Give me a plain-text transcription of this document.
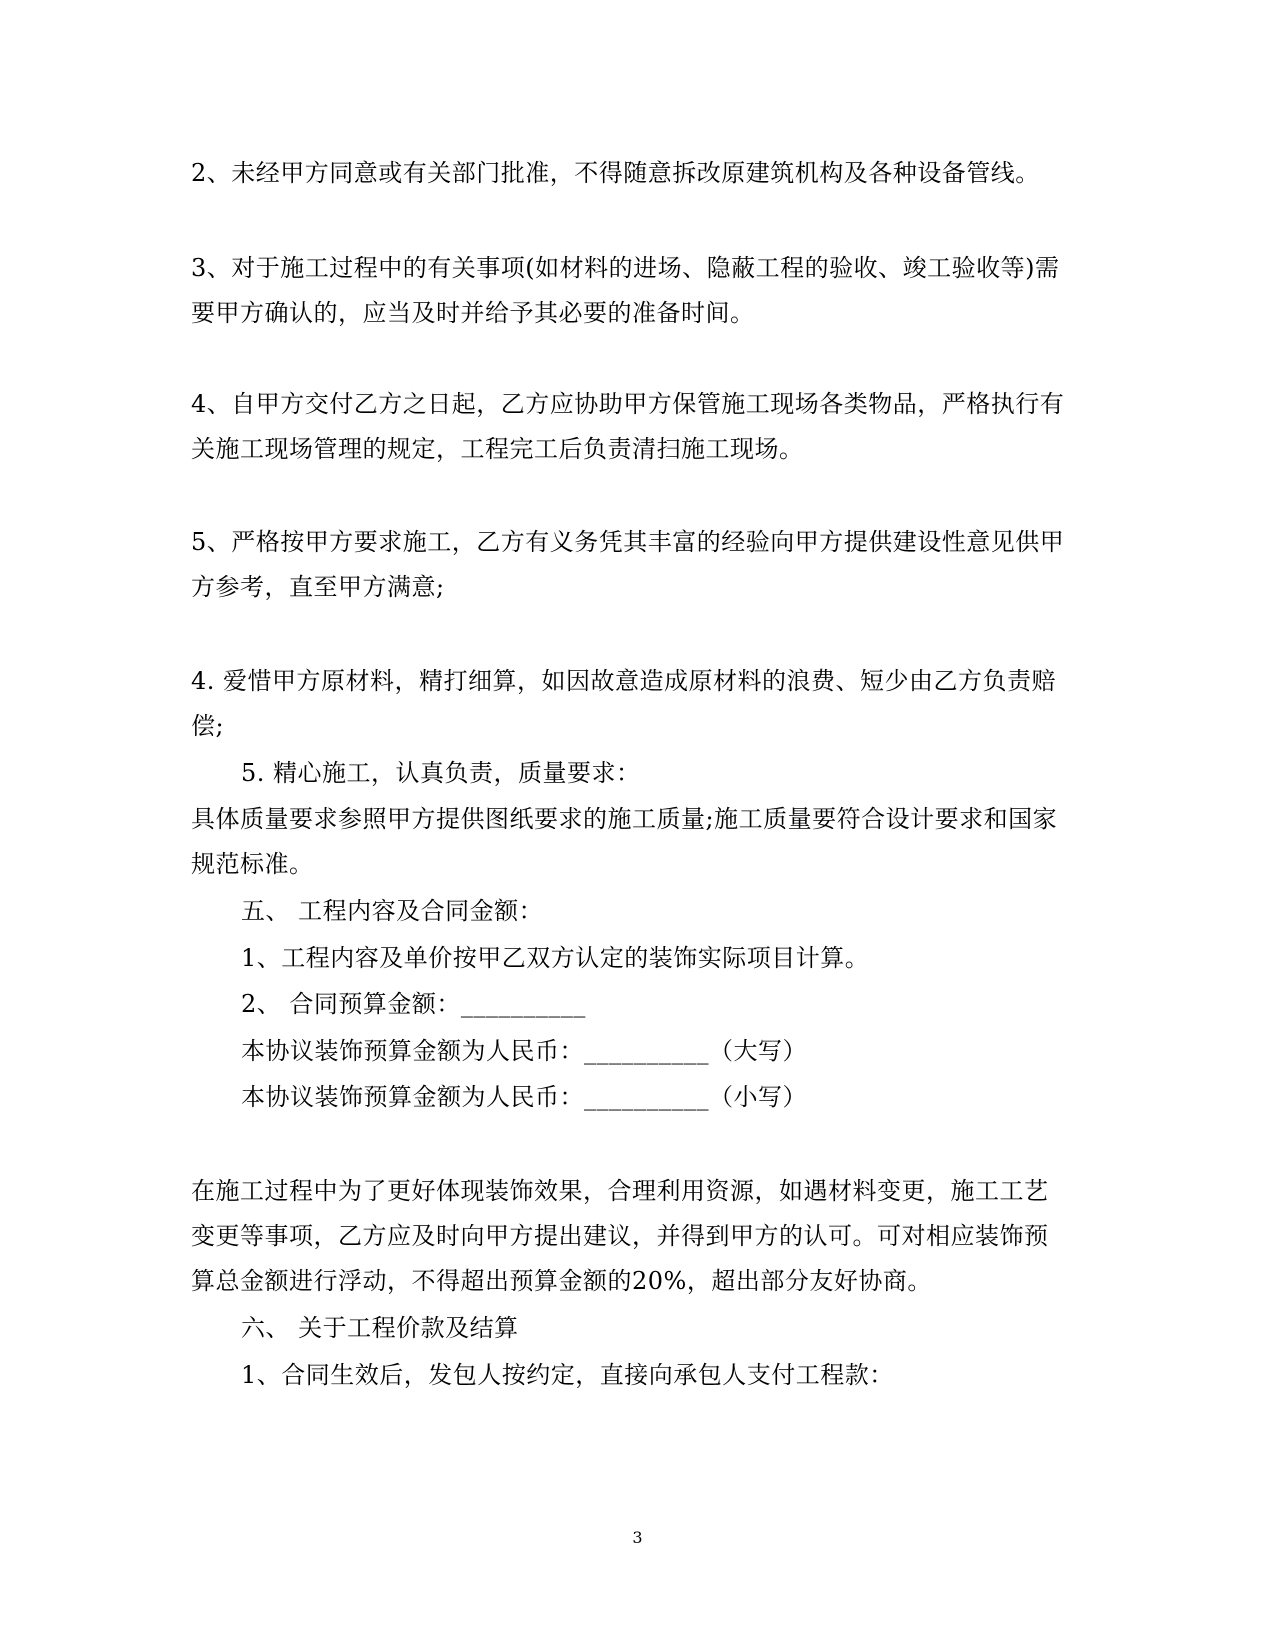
2、未经甲方同意或有关部门批准，不得随意拆改原建筑机构及各种设备管线。
3、对于施工过程中的有关事项(如材料的进场、隐蔽工程的验收、竣工验收等)需
要甲方确认的，应当及时并给予其必要的准备时间。
4、自甲方交付乙方之日起，乙方应协助甲方保管施工现场各类物品，严格执行有
关施工现场管理的规定，工程完工后负责清扫施工现场。
5、严格按甲方要求施工，乙方有义务凭其丰富的经验向甲方提供建设性意见供甲
方参考，直至甲方满意;
4. 爱惜甲方原材料，精打细算，如因故意造成原材料的浪费、短少由乙方负责赔
偿;
5. 精心施工，认真负责，质量要求：
具体质量要求参照甲方提供图纸要求的施工质量;施工质量要符合设计要求和国家
规范标准。
五、 工程内容及合同金额：
1、工程内容及单价按甲乙双方认定的装饰实际项目计算。
2、 合同预算金额：__________
本协议装饰预算金额为人民币：__________（大写）
本协议装饰预算金额为人民币：__________（小写）
在施工过程中为了更好体现装饰效果，合理利用资源，如遇材料变更，施工工艺
变更等事项，乙方应及时向甲方提出建议，并得到甲方的认可。可对相应装饰预
算总金额进行浮动，不得超出预算金额的20%，超出部分友好协商。
六、 关于工程价款及结算
1、合同生效后，发包人按约定，直接向承包人支付工程款：
3
